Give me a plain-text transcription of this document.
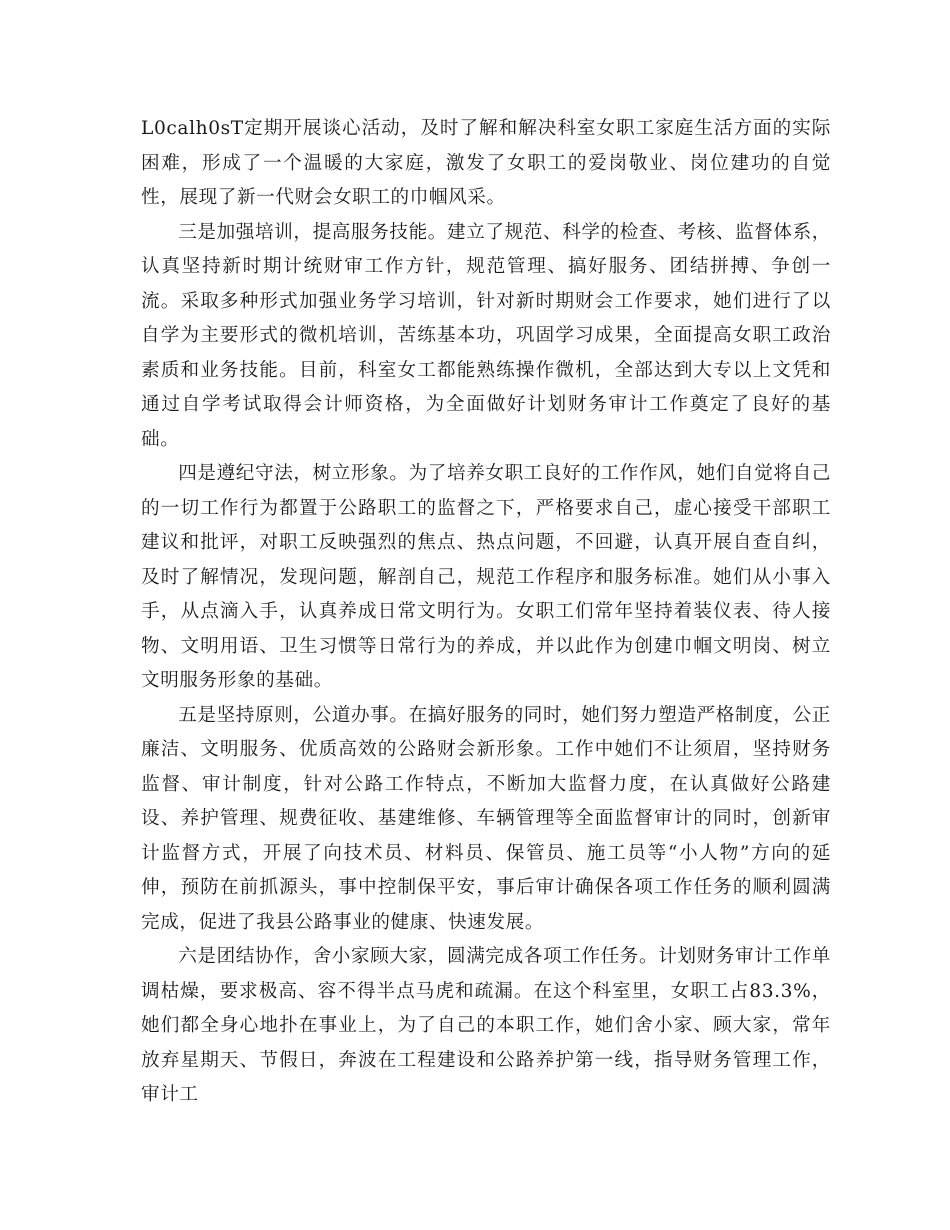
L0calh0sT定期开展谈心活动，及时了解和解决科室女职工家庭生活方面的实际困难，形成了一个温暖的大家庭，激发了女职工的爱岗敬业、岗位建功的自觉性，展现了新一代财会女职工的巾帼风采。

三是加强培训，提高服务技能。建立了规范、科学的检查、考核、监督体系，认真坚持新时期计统财审工作方针，规范管理、搞好服务、团结拼搏、争创一流。采取多种形式加强业务学习培训，针对新时期财会工作要求，她们进行了以自学为主要形式的微机培训，苦练基本功，巩固学习成果，全面提高女职工政治素质和业务技能。目前，科室女工都能熟练操作微机，全部达到大专以上文凭和通过自学考试取得会计师资格，为全面做好计划财务审计工作奠定了良好的基础。

四是遵纪守法，树立形象。为了培养女职工良好的工作作风，她们自觉将自己的一切工作行为都置于公路职工的监督之下，严格要求自己，虚心接受干部职工建议和批评，对职工反映强烈的焦点、热点问题，不回避，认真开展自查自纠，及时了解情况，发现问题，解剖自己，规范工作程序和服务标准。她们从小事入手，从点滴入手，认真养成日常文明行为。女职工们常年坚持着装仪表、待人接物、文明用语、卫生习惯等日常行为的养成，并以此作为创建巾帼文明岗、树立文明服务形象的基础。

五是坚持原则，公道办事。在搞好服务的同时，她们努力塑造严格制度，公正廉洁、文明服务、优质高效的公路财会新形象。工作中她们不让须眉，坚持财务监督、审计制度，针对公路工作特点，不断加大监督力度，在认真做好公路建设、养护管理、规费征收、基建维修、车辆管理等全面监督审计的同时，创新审计监督方式，开展了向技术员、材料员、保管员、施工员等“小人物”方向的延伸，预防在前抓源头，事中控制保平安，事后审计确保各项工作任务的顺利圆满完成，促进了我县公路事业的健康、快速发展。

六是团结协作，舍小家顾大家，圆满完成各项工作任务。计划财务审计工作单调枯燥，要求极高、容不得半点马虎和疏漏。在这个科室里，女职工占83.3%，她们都全身心地扑在事业上，为了自己的本职工作，她们舍小家、顾大家，常年放弃星期天、节假日，奔波在工程建设和公路养护第一线，指导财务管理工作，审计工
